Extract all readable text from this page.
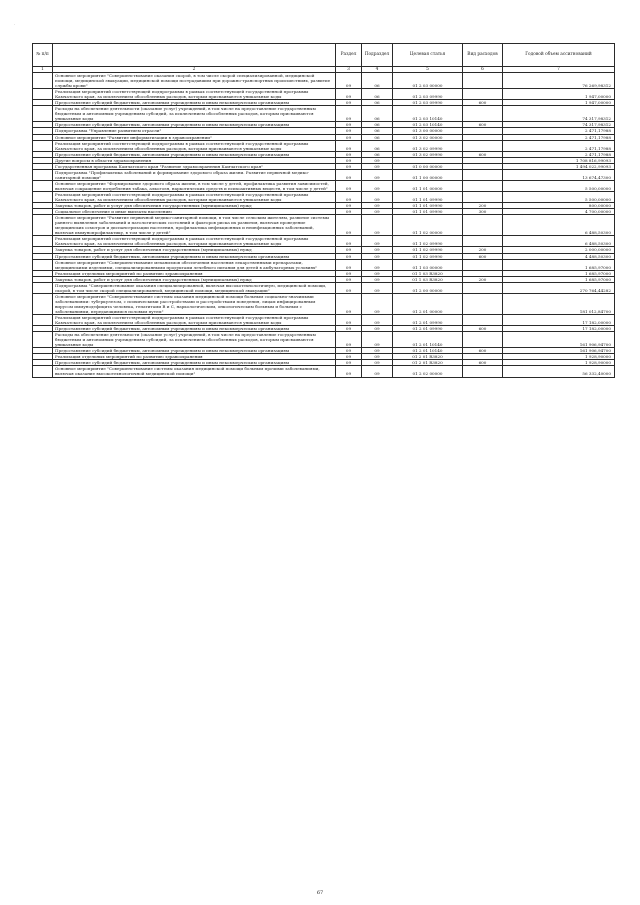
·
№ п/п		Раздел	Подраздел	Целевая статья	Вид расходов	Годовой объем ассигнований
1	2	3	4	5	6	7
	Основное мероприятие "Совершенствование оказания скорой, в том числе скорой специализированной, медицинской помощи, медицинской эвакуации, медицинской помощи пострадавшим при дорожно-транспортных происшествиях, развитие службы крови"	09	06	01 2 03 00000		76 269,98312
	Реализация мероприятий соответствующей подпрограммы в рамках соответствующей государственной программы Камчатского края, за исключением обособленных расходов, которым присваиваются уникальные коды	09	06	01 2 03 09990		1 947,00000
	Предоставление субсидий бюджетным, автономным учреждениям и иным некоммерческим организациям	09	06	01 2 03 09990	600	1 947,00000
	Расходы на обеспечение деятельности (оказание услуг) учреждений, в том числе на предоставление государственным бюджетным и автономным учреждениям субсидий, за исключением обособленных расходов, которым присваиваются уникальные коды	09	06	01 2 03 10140		74 317,98312
	Предоставление субсидий бюджетным, автономным учреждениям и иным некоммерческим организациям	09	06	01 2 03 10140	600	74 317,98312
	Подпрограмма "Управление развитием отрасли"	09	06	01 3 00 00000		2 471,17988
	Основное мероприятие "Развитие информатизации в здравоохранении"	09	06	01 3 02 00000		2 471,17988
	Реализация мероприятий соответствующей подпрограммы в рамках соответствующей государственной программы Камчатского края, за исключением обособленных расходов, которым присваиваются уникальные коды	09	06	01 3 02 09990		2 471,17988
	Предоставление субсидий бюджетным, автономным учреждениям и иным некоммерческим организациям	09	06	01 3 02 09990	600	2 471,17988
	Другие вопросы в области здравоохранения	09	09			1 708 816,99093
	Государственная программа Камчатского края "Развитие здравоохранения Камчатского края"	09	09	01 0 00 00000		1 494 022,99093
	Подпрограмма "Профилактика заболеваний и формирование здорового образа жизни. Развитие первичной медико-санитарной помощи"	09	09	01 1 00 00000		13 674,47300
	Основное мероприятие "Формирование здорового образа жизни, в том числе у детей, профилактика развития зависимостей, включая сокращение потребления табака, алкоголя, наркотических средств и психоактивных веществ, в том числе у детей"	09	09	01 1 01 00000		5 500,00000
	Реализация мероприятий соответствующей подпрограммы в рамках соответствующей государственной программы Камчатского края, за исключением обособленных расходов, которым присваиваются уникальные коды	09	09	01 1 01 09990		5 500,00000
	Закупка товаров, работ и услуг для обеспечения государственных (муниципальных) нужд	09	09	01 1 01 09990	200	800,00000
	Социальное обеспечение и иные выплаты населению	09	09	01 1 01 09990	300	4 700,00000
	Основное мероприятие "Развитие первичной медико-санитарной помощи, в том числе сельским жителям, развитие системы раннего выявления заболеваний и патологических состояний и факторов риска их развития, включая проведение медицинских осмотров и диспансеризации населения, профилактика инфекционных и неинфекционных заболеваний, включая иммунопрофилактику, в том числе у детей"	09	09	01 1 02 00000		6 488,50300
	Реализация мероприятий соответствующей подпрограммы в рамках соответствующей государственной программы Камчатского края, за исключением обособленных расходов, которым присваиваются уникальные коды	09	09	01 1 02 09990		6 488,50300
	Закупка товаров, работ и услуг для обеспечения государственных (муниципальных) нужд	09	09	01 1 02 09990	200	2 000,00000
	Предоставление субсидий бюджетным, автономным учреждениям и иным некоммерческим организациям	09	09	01 1 02 09990	600	4 488,50300
	Основное мероприятие "Совершенствование механизмов обеспечения населения лекарственными препаратами, медицинскими изделиями, специализированными продуктами лечебного питания для детей в амбулаторных условиях"	09	09	01 1 03 00000		1 685,97000
	Реализация отдельных мероприятий по развитию здравоохранения	09	09	01 1 03 R3820		1 685,97000
	Закупка товаров, работ и услуг для обеспечения государственных (муниципальных) нужд	09	09	01 1 03 R3820	200	1 685,97000
	Подпрограмма "Совершенствование оказания специализированной, включая высокотехнологичную, медицинской помощи, скорой, в том числе скорой специализированной, медицинской помощи, медицинской эвакуации"	09	09	01 2 00 00000		270 764,44282
	Основное мероприятие "Совершенствование системы оказания медицинской помощи больным социально-значимыми заболеваниями: туберкулезом, с психическими расстройствами и расстройствами поведения, лицам инфицированным вирусом иммунодефицита человека, гепатитами В и С, наркологическим, онкологическим больным и больным с заболеваниями, передающимися половым путем"	09	09	01 2 01 00000		181 012,84700
	Реализация мероприятий соответствующей подпрограммы в рамках соответствующей государственной программы Камчатского края, за исключением обособленных расходов, которым присваиваются уникальные коды	09	09	01 2 01 09990		17 182,00000
	Предоставление субсидий бюджетным, автономным учреждениям и иным некоммерческим организациям	09	09	01 2 01 09990	600	17 182,00000
	Расходы на обеспечение деятельности (оказание услуг) учреждений, в том числе на предоставление государственным бюджетным и автономным учреждениям субсидий, за исключением обособленных расходов, которым присваиваются уникальные коды	09	09	01 2 01 10140		161 906,94700
	Предоставление субсидий бюджетным, автономным учреждениям и иным некоммерческим организациям	09	09	01 2 01 10140	600	161 906,94700
	Реализация отдельных мероприятий по развитию здравоохранения	09	09	01 2 01 R3820		1 928,90000
	Предоставление субсидий бюджетным, автономным учреждениям и иным некоммерческим организациям	09	09	01 2 01 R3820	600	1 928,90000
	Основное мероприятие "Совершенствование системы оказания медицинской помощи больным прочими заболеваниями, включая оказание высокотехнологичной медицинской помощи"	09	09	01 2 02 00000		56 332,40000
67
